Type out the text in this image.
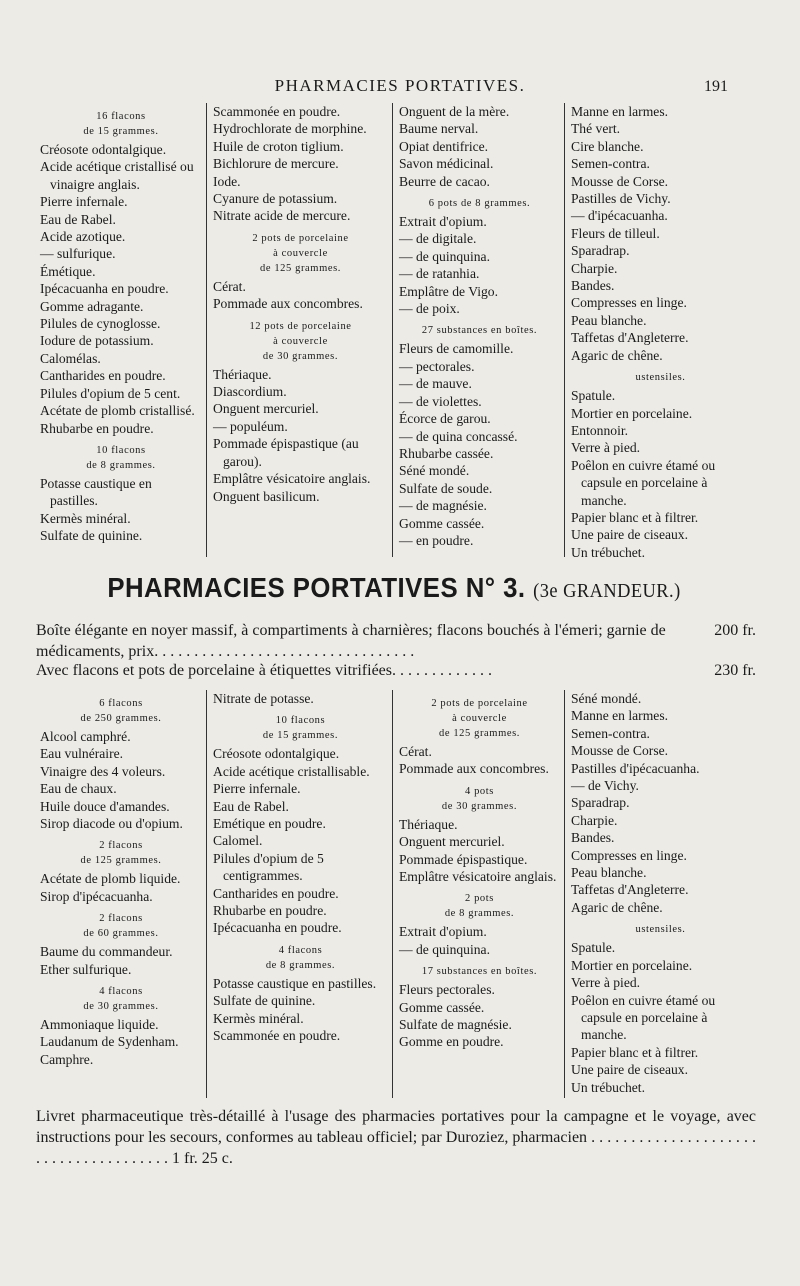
PHARMACIES PORTATIVES.	191
16 flacons
de 15 grammes.
Créosote odontalgique.
Acide acétique cristallisé ou vinaigre anglais.
Pierre infernale.
Eau de Rabel.
Acide azotique.
— sulfurique.
Émétique.
Ipécacuanha en poudre.
Gomme adragante.
Pilules de cynoglosse.
Iodure de potassium.
Calomélas.
Cantharides en poudre.
Pilules d'opium de 5 cent.
Acétate de plomb cristallisé.
Rhubarbe en poudre.
10 flacons
de 8 grammes.
Potasse caustique en pastilles.
Kermès minéral.
Sulfate de quinine.
Scammonée en poudre.
Hydrochlorate de morphine.
Huile de croton tiglium.
Bichlorure de mercure.
Iode.
Cyanure de potassium.
Nitrate acide de mercure.
2 pots de porcelaine
à couvercle
de 125 grammes.
Cérat.
Pommade aux concombres.
12 pots de porcelaine
à couvercle
de 30 grammes.
Thériaque.
Diascordium.
Onguent mercuriel.
— populéum.
Pommade épispastique (au garou).
Emplâtre vésicatoire anglais.
Onguent basilicum.
Onguent de la mère.
Baume nerval.
Opiat dentifrice.
Savon médicinal.
Beurre de cacao.
6 pots de 8 grammes.
Extrait d'opium.
— de digitale.
— de quinquina.
— de ratanhia.
Emplâtre de Vigo.
— de poix.
27 substances en boîtes.
Fleurs de camomille.
— pectorales.
— de mauve.
— de violettes.
Écorce de garou.
— de quina concassé.
Rhubarbe cassée.
Séné mondé.
Sulfate de soude.
— de magnésie.
Gomme cassée.
— en poudre.
Manne en larmes.
Thé vert.
Cire blanche.
Semen-contra.
Mousse de Corse.
Pastilles de Vichy.
— d'ipécacuanha.
Fleurs de tilleul.
Sparadrap.
Charpie.
Bandes.
Compresses en linge.
Peau blanche.
Taffetas d'Angleterre.
Agaric de chêne.
ustensiles.
Spatule.
Mortier en porcelaine.
Entonnoir.
Verre à pied.
Poêlon en cuivre étamé ou capsule en porcelaine à manche.
Papier blanc et à filtrer.
Une paire de ciseaux.
Un trébuchet.
PHARMACIES PORTATIVES N° 3. (3e GRANDEUR.)
200 fr.
Boîte élégante en noyer massif, à compartiments à charnières; flacons bouchés à l'émeri; garnie de médicaments, prix. . . . . . . . . . . . . . . . . . . . . . . . . . . . . . . . .
230 fr.
Avec flacons et pots de porcelaine à étiquettes vitrifiées. . . . . . . . . . . . .
6 flacons
de 250 grammes.
Alcool camphré.
Eau vulnéraire.
Vinaigre des 4 voleurs.
Eau de chaux.
Huile douce d'amandes.
Sirop diacode ou d'opium.
2 flacons
de 125 grammes.
Acétate de plomb liquide.
Sirop d'ipécacuanha.
2 flacons
de 60 grammes.
Baume du commandeur.
Ether sulfurique.
4 flacons
de 30 grammes.
Ammoniaque liquide.
Laudanum de Sydenham.
Camphre.
Nitrate de potasse.
10 flacons
de 15 grammes.
Créosote odontalgique.
Acide acétique cristallisable.
Pierre infernale.
Eau de Rabel.
Emétique en poudre.
Calomel.
Pilules d'opium de 5 centigrammes.
Cantharides en poudre.
Rhubarbe en poudre.
Ipécacuanha en poudre.
4 flacons
de 8 grammes.
Potasse caustique en pastilles.
Sulfate de quinine.
Kermès minéral.
Scammonée en poudre.
2 pots de porcelaine
à couvercle
de 125 grammes.
Cérat.
Pommade aux concombres.
4 pots
de 30 grammes.
Thériaque.
Onguent mercuriel.
Pommade épispastique.
Emplâtre vésicatoire anglais.
2 pots
de 8 grammes.
Extrait d'opium.
— de quinquina.
17 substances en boîtes.
Fleurs pectorales.
Gomme cassée.
Sulfate de magnésie.
Gomme en poudre.
Séné mondé.
Manne en larmes.
Semen-contra.
Mousse de Corse.
Pastilles d'ipécacuanha.
— de Vichy.
Sparadrap.
Charpie.
Bandes.
Compresses en linge.
Peau blanche.
Taffetas d'Angleterre.
Agaric de chêne.
ustensiles.
Spatule.
Mortier en porcelaine.
Verre à pied.
Poêlon en cuivre étamé ou capsule en porcelaine à manche.
Papier blanc et à filtrer.
Une paire de ciseaux.
Un trébuchet.
Livret pharmaceutique très-détaillé à l'usage des pharmacies portatives pour la campagne et le voyage, avec instructions pour les secours, conformes au tableau officiel; par Duroziez, pharmacien . . . . . . . . . . . . . . . . . . . . . . . . . . . . . . . . . . . . . . 1 fr. 25 c.
